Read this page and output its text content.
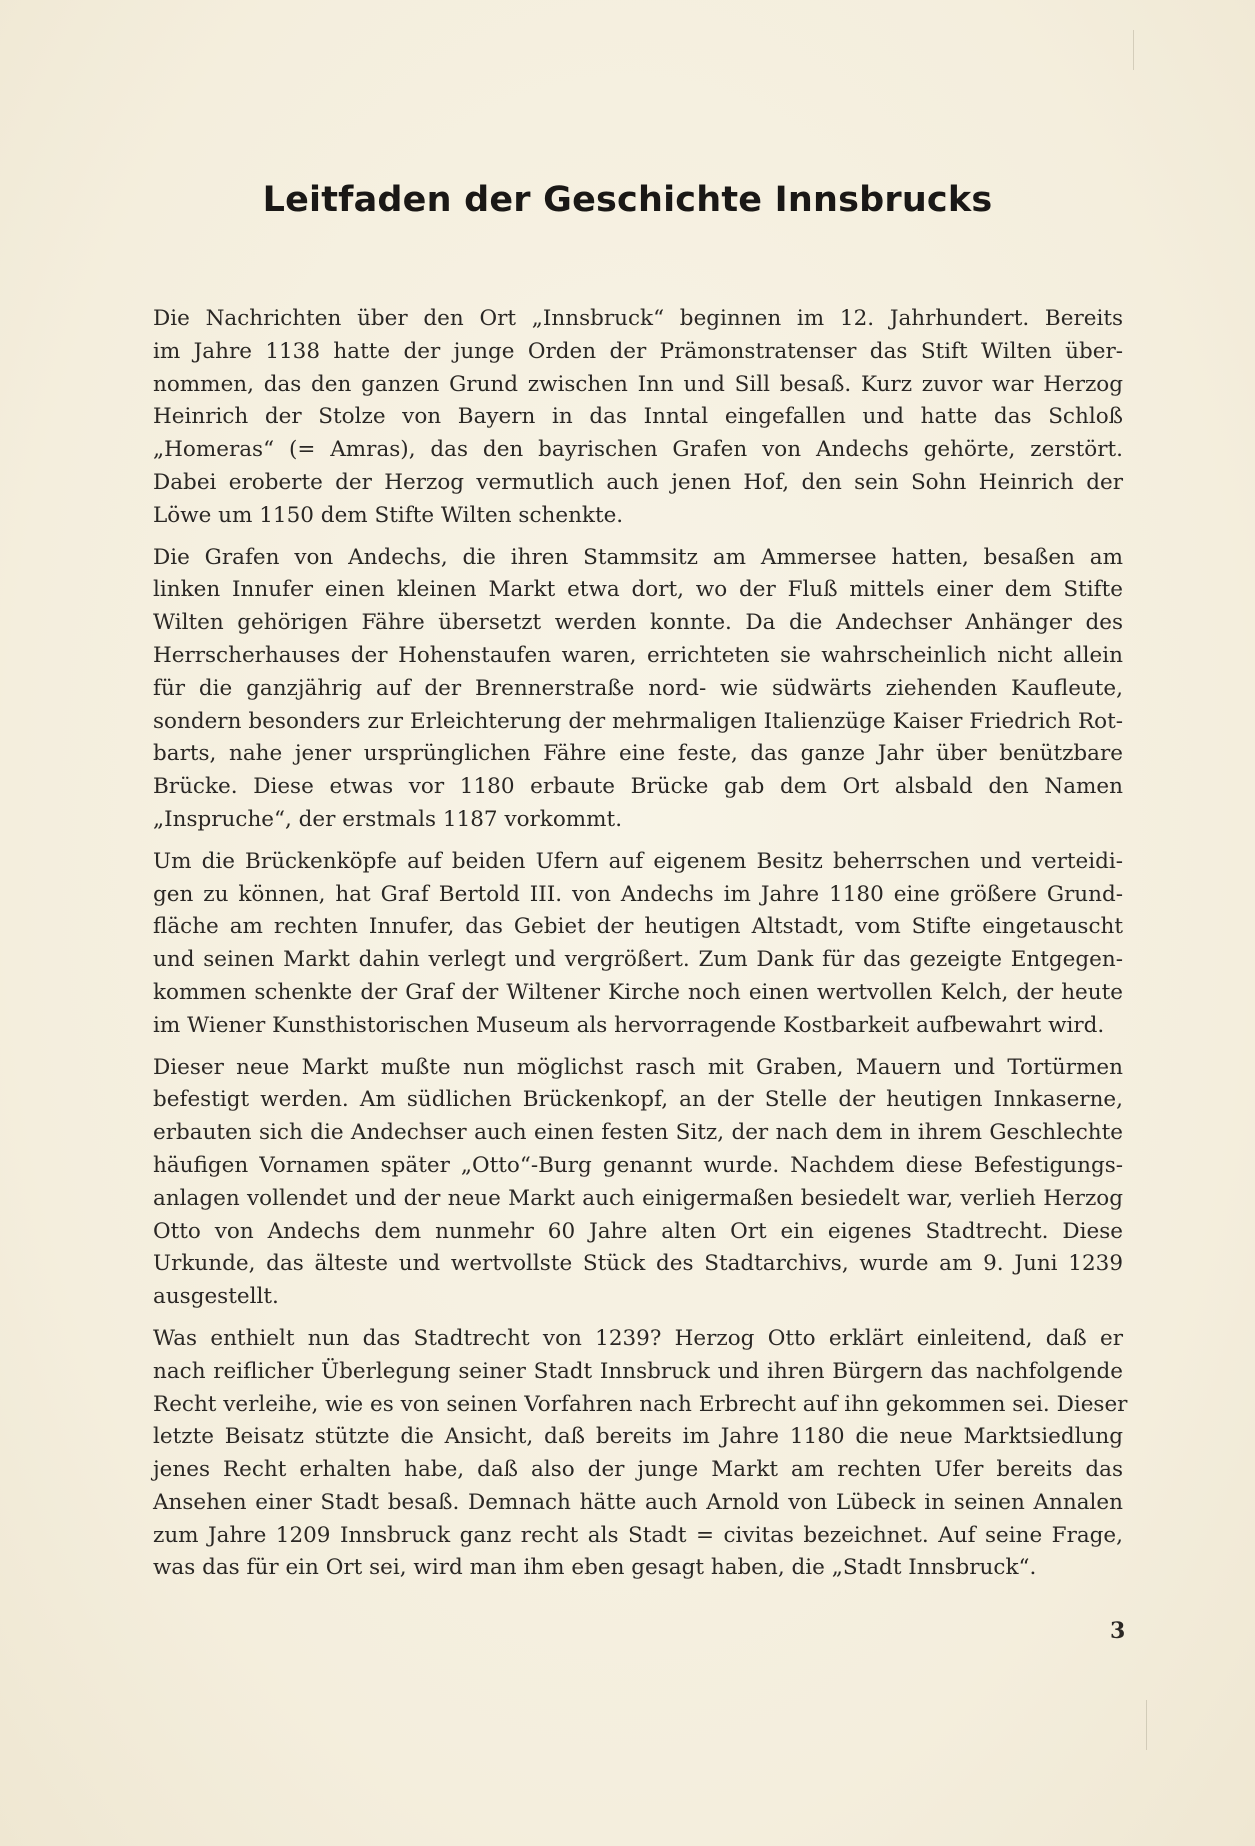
Leitfaden der Geschichte Innsbrucks

Die Nachrichten über den Ort „Innsbruck“ beginnen im 12. Jahrhundert. Bereits
im Jahre 1138 hatte der junge Orden der Prämonstratenser das Stift Wilten über-
nommen, das den ganzen Grund zwischen Inn und Sill besaß. Kurz zuvor war Herzog
Heinrich der Stolze von Bayern in das Inntal eingefallen und hatte das Schloß
„Homeras“ (= Amras), das den bayrischen Grafen von Andechs gehörte, zerstört.
Dabei eroberte der Herzog vermutlich auch jenen Hof, den sein Sohn Heinrich der
Löwe um 1150 dem Stifte Wilten schenkte.

Die Grafen von Andechs, die ihren Stammsitz am Ammersee hatten, besaßen am
linken Innufer einen kleinen Markt etwa dort, wo der Fluß mittels einer dem Stifte
Wilten gehörigen Fähre übersetzt werden konnte. Da die Andechser Anhänger des
Herrscherhauses der Hohenstaufen waren, errichteten sie wahrscheinlich nicht allein
für die ganzjährig auf der Brennerstraße nord- wie südwärts ziehenden Kaufleute,
sondern besonders zur Erleichterung der mehrmaligen Italienzüge Kaiser Friedrich Rot-
barts, nahe jener ursprünglichen Fähre eine feste, das ganze Jahr über benützbare
Brücke. Diese etwas vor 1180 erbaute Brücke gab dem Ort alsbald den Namen
„Inspruche“, der erstmals 1187 vorkommt.

Um die Brückenköpfe auf beiden Ufern auf eigenem Besitz beherrschen und verteidi-
gen zu können, hat Graf Bertold III. von Andechs im Jahre 1180 eine größere Grund-
fläche am rechten Innufer, das Gebiet der heutigen Altstadt, vom Stifte eingetauscht
und seinen Markt dahin verlegt und vergrößert. Zum Dank für das gezeigte Entgegen-
kommen schenkte der Graf der Wiltener Kirche noch einen wertvollen Kelch, der heute
im Wiener Kunsthistorischen Museum als hervorragende Kostbarkeit aufbewahrt wird.

Dieser neue Markt mußte nun möglichst rasch mit Graben, Mauern und Tortürmen
befestigt werden. Am südlichen Brückenkopf, an der Stelle der heutigen Innkaserne,
erbauten sich die Andechser auch einen festen Sitz, der nach dem in ihrem Geschlechte
häufigen Vornamen später „Otto“-Burg genannt wurde. Nachdem diese Befestigungs-
anlagen vollendet und der neue Markt auch einigermaßen besiedelt war, verlieh Herzog
Otto von Andechs dem nunmehr 60 Jahre alten Ort ein eigenes Stadtrecht. Diese
Urkunde, das älteste und wertvollste Stück des Stadtarchivs, wurde am 9. Juni 1239
ausgestellt.

Was enthielt nun das Stadtrecht von 1239? Herzog Otto erklärt einleitend, daß er
nach reiflicher Überlegung seiner Stadt Innsbruck und ihren Bürgern das nachfolgende
Recht verleihe, wie es von seinen Vorfahren nach Erbrecht auf ihn gekommen sei. Dieser
letzte Beisatz stützte die Ansicht, daß bereits im Jahre 1180 die neue Marktsiedlung
jenes Recht erhalten habe, daß also der junge Markt am rechten Ufer bereits das
Ansehen einer Stadt besaß. Demnach hätte auch Arnold von Lübeck in seinen Annalen
zum Jahre 1209 Innsbruck ganz recht als Stadt = civitas bezeichnet. Auf seine Frage,
was das für ein Ort sei, wird man ihm eben gesagt haben, die „Stadt Innsbruck“.

3
